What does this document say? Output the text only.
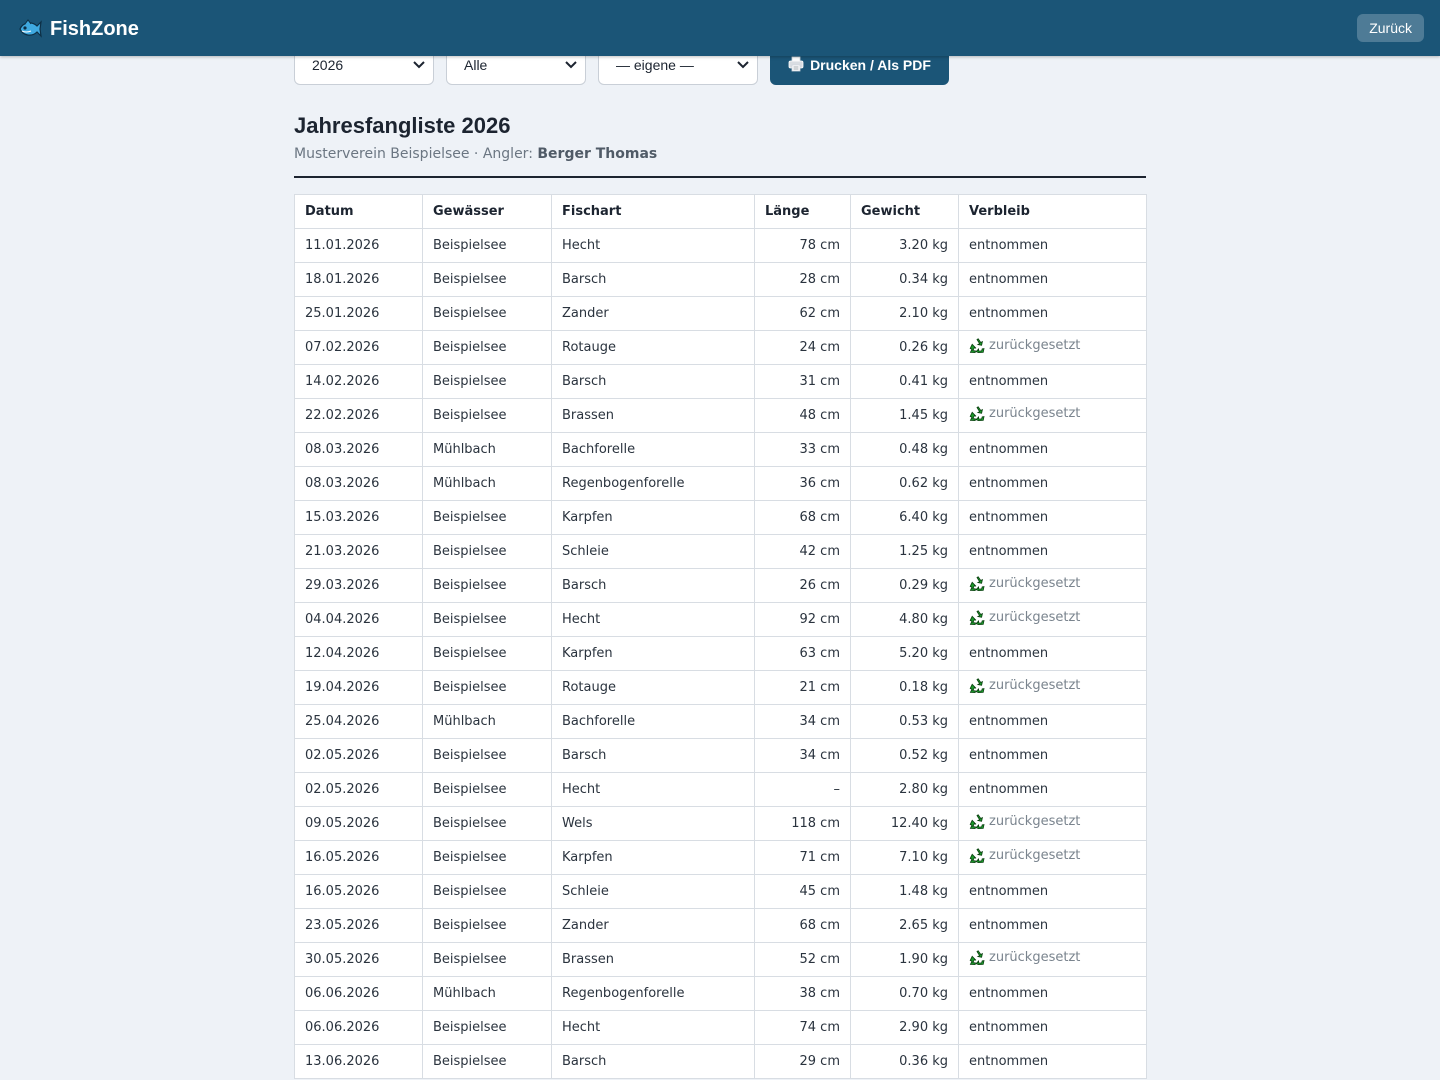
FishZone	Zurück
2026	Alle	— eigene —	Drucken / Als PDF
Jahresfangliste 2026
Musterverein Beispielsee · Angler: Berger Thomas
Datum	Gewässer	Fischart	Länge	Gewicht	Verbleib
11.01.2026	Beispielsee	Hecht	78 cm	3.20 kg	entnommen
18.01.2026	Beispielsee	Barsch	28 cm	0.34 kg	entnommen
25.01.2026	Beispielsee	Zander	62 cm	2.10 kg	entnommen
07.02.2026	Beispielsee	Rotauge	24 cm	0.26 kg	zurückgesetzt

14.02.2026	Beispielsee	Barsch	31 cm	0.41 kg	entnommen
22.02.2026	Beispielsee	Brassen	48 cm	1.45 kg	zurückgesetzt

08.03.2026	Mühlbach	Bachforelle	33 cm	0.48 kg	entnommen
08.03.2026	Mühlbach	Regenbogenforelle	36 cm	0.62 kg	entnommen
15.03.2026	Beispielsee	Karpfen	68 cm	6.40 kg	entnommen
21.03.2026	Beispielsee	Schleie	42 cm	1.25 kg	entnommen
29.03.2026	Beispielsee	Barsch	26 cm	0.29 kg	zurückgesetzt

04.04.2026	Beispielsee	Hecht	92 cm	4.80 kg	zurückgesetzt

12.04.2026	Beispielsee	Karpfen	63 cm	5.20 kg	entnommen
19.04.2026	Beispielsee	Rotauge	21 cm	0.18 kg	zurückgesetzt

25.04.2026	Mühlbach	Bachforelle	34 cm	0.53 kg	entnommen
02.05.2026	Beispielsee	Barsch	34 cm	0.52 kg	entnommen
02.05.2026	Beispielsee	Hecht	–	2.80 kg	entnommen
09.05.2026	Beispielsee	Wels	118 cm	12.40 kg	zurückgesetzt

16.05.2026	Beispielsee	Karpfen	71 cm	7.10 kg	zurückgesetzt

16.05.2026	Beispielsee	Schleie	45 cm	1.48 kg	entnommen
23.05.2026	Beispielsee	Zander	68 cm	2.65 kg	entnommen
30.05.2026	Beispielsee	Brassen	52 cm	1.90 kg	zurückgesetzt

06.06.2026	Mühlbach	Regenbogenforelle	38 cm	0.70 kg	entnommen
06.06.2026	Beispielsee	Hecht	74 cm	2.90 kg	entnommen
13.06.2026	Beispielsee	Barsch	29 cm	0.36 kg	entnommen
